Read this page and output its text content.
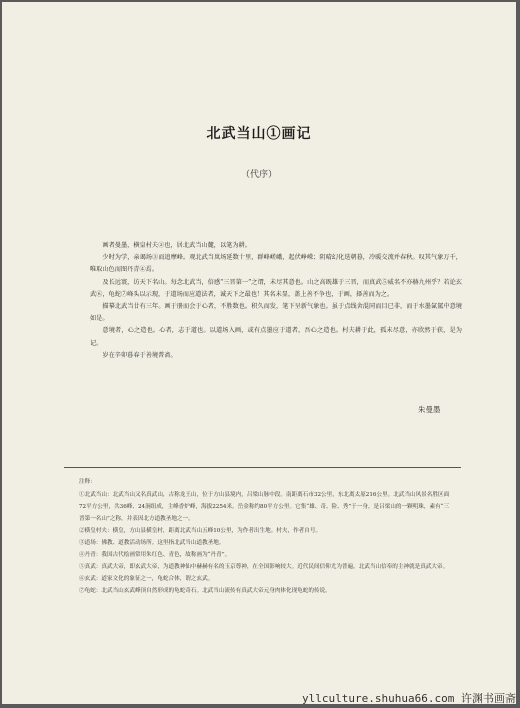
北武当山①画记
（代序）

画者曼墨，横皇村夫②也，居北武当山麓，以笔为耕。

少时为学，亲谒场③而追摩峰。观北武当岚场延数十里，群峰嵯峨，起伏峥嵘；阴晴幻化迭朝暮，冷暖交流并春秋。叹其气象万千，唯取山色而图丹青④焉。

及长远寰，访天下名山。每念北武当，倍感“三晋第一”之谓，未尽其意也。山之高既雄于三晋，而真武⑤威名不亦赫九州乎？若论玄武⑥，龟蛇⑦峰头以示现，于道场而应道法者，诚天下之最也！其名未显，盖上善不争也，于画，择善而为之。

描摹北武当廿有三年。画于册而会于心者，不胜数也。积久而发，笔下呈新气象也。虽于点线舍混同而目已非，而于水墨氤氲中意境如是。

意境者，心之造也。心者，志于道也。以道场入画，或有点墨应于道者，吾心之造也。村夫耕于此，孤未尽意，亦欣然于获，是为记。

岁在辛卯暮春于善境普斋。

朱曼墨

注释：

①北武当山：北武当山又名真武山，古称龙王山，位于方山县境内，吕梁山脉中段。南距离石市32公里，东北离太原216公里。北武当山风景名胜区面72平方公里，共36峰、24涧组成，主峰香炉峰，海拔2254米。岳金称约80平方公里。它集“雄、奇、险、秀”于一身，是吕梁山的一颗明珠，素有“三晋第一名山”之称，并表因北方道教圣地之一。

②横皇村夫：横皇，方山县横皇村，距离北武当山五峰10公里，为作者出生地。村夫，作者自号。

③道场：佛教、道教活动场所。这里指北武当山道教圣地。

④丹青：我国古代绘画常用朱红色、青色，故称画为“丹青”。

⑤真武：真武大帝，即玄武大帝，为道教神仙中赫赫有名的玉京尊神，在全国影响较大。近代民间信仰尤为普遍。北武当山信奉的主神就是真武大帝。

⑥玄武：道家文化的象征之一，龟蛇合体，谓之玄武。

⑦龟蛇：北武当山玄武峰顶自然形成的龟蛇奇石。北武当山流传有真武大帝元身肉体化现龟蛇的传说。

yllculture.shuhua66.com 许渊书画斋
